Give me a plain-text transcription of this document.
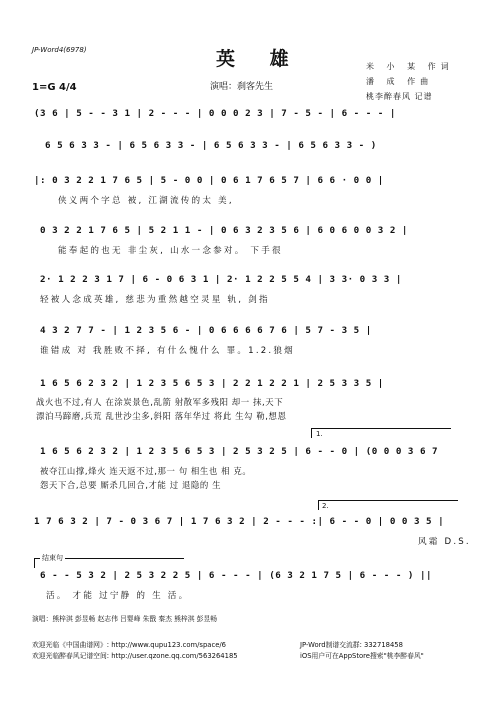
JP-Word4(6978)	英 雄
演唱：刹客先生
1=G 4/4
米 小 某 作词
潘 成 作曲
桃李醉春风 记谱
(3 6 | 5 - - 3 1 | 2 - - - | 0 0 0 2 3 | 7 - 5 - | 6 - - - |
6 5 6 3 3 - | 6 5 6 3 3 - | 6 5 6 3 3 - | 6 5 6 3 3 - )
|: 0 3 2 2 1 7 6 5 | 5 - 0 0 | 0 6 1 7 6 5 7 | 6 6 · 0 0 |
侠义两个字总 被, 江湖流传的太 美,
0 3 2 2 1 7 6 5 | 5 2 1 1 - | 0 6 3 2 3 5 6 | 6 0 6 0 0 3 2 |
能奉起的也无 非尘灰, 山水一念参对。 下手很
2· 1 2 2 3 1 7 | 6 - 0 6 3 1 | 2· 1 2 2 5 5 4 | 3 3· 0 3 3 |
轻被人念成英雄, 慈悲为重然越空灵星 轨, 剑指
4 3 2 7 7 - | 1 2 3 5 6 - | 0 6 6 6 6 7 6 | 5 7 - 3 5 |
谁错成 对 我胜败不择, 有什么愧什么 罪。1.2.狼烟
1 6 5 6 2 3 2 | 1 2 3 5 6 5 3 | 2 2 1 2 2 1 | 2 5 3 3 5 |
战火也不过,有人 在涂炭景色,乱箭 射散军多残阳 却一 抹,天下
漂泊马蹄磨,兵荒 乱世沙尘多,斜阳 落年华过 将此 生勾 勒,想恩
1.
1 6 5 6 2 3 2 | 1 2 3 5 6 5 3 | 2 5 3 2 5 | 6 - - 0 | (0 0 0 3 6 7
被夺江山撑,烽火 连天返不过,那一 句 相生也 相 克。
怨天下合,总要 厮杀几回合,才能 过 退隐的 生
2.
1 7 6 3 2 | 7 - 0 3 6 7 | 1 7 6 3 2 | 2 - - - :| 6 - - 0 | 0 0 3 5 |
风霜 D.S.
结束句
6 - - 5 3 2 | 2 5 3 2 2 5 | 6 - - - | (6 3 2 1 7 5 | 6 - - - ) ||
活。 才能 过宁静 的 生 活。
演唱：熊梓淇 彭昱畅 赵志伟 吕婴峰 朱戬 秦杰 熊梓淇 彭昱畅
欢迎光临《中国曲谱网》: http://www.qupu123.com/space/6
欢迎光临醉春风记谱空间: http://user.qzone.qq.com/563264185
JP-Word制谱交流群: 332718458
iOS用户可在AppStore搜索"桃李醉春风"
